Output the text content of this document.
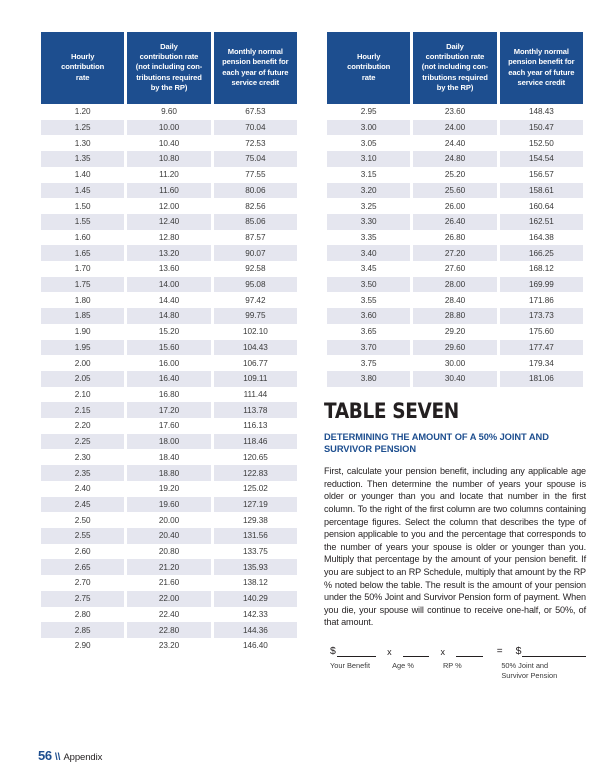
Hourly
contribution
rate	Daily
contribution rate
(not including con-
tributions required
by the RP)	Monthly normal
pension benefit for
each year of future
service credit
1.20	9.60	67.53
1.25	10.00	70.04
1.30	10.40	72.53
1.35	10.80	75.04
1.40	11.20	77.55
1.45	11.60	80.06
1.50	12.00	82.56
1.55	12.40	85.06
1.60	12.80	87.57
1.65	13.20	90.07
1.70	13.60	92.58
1.75	14.00	95.08
1.80	14.40	97.42
1.85	14.80	99.75
1.90	15.20	102.10
1.95	15.60	104.43
2.00	16.00	106.77
2.05	16.40	109.11
2.10	16.80	111.44
2.15	17.20	113.78
2.20	17.60	116.13
2.25	18.00	118.46
2.30	18.40	120.65
2.35	18.80	122.83
2.40	19.20	125.02
2.45	19.60	127.19
2.50	20.00	129.38
2.55	20.40	131.56
2.60	20.80	133.75
2.65	21.20	135.93
2.70	21.60	138.12
2.75	22.00	140.29
2.80	22.40	142.33
2.85	22.80	144.36
2.90	23.20	146.40
Hourly
contribution
rate	Daily
contribution rate
(not including con-
tributions required
by the RP)	Monthly normal
pension benefit for
each year of future
service credit
2.95	23.60	148.43
3.00	24.00	150.47
3.05	24.40	152.50
3.10	24.80	154.54
3.15	25.20	156.57
3.20	25.60	158.61
3.25	26.00	160.64
3.30	26.40	162.51
3.35	26.80	164.38
3.40	27.20	166.25
3.45	27.60	168.12
3.50	28.00	169.99
3.55	28.40	171.86
3.60	28.80	173.73
3.65	29.20	175.60
3.70	29.60	177.47
3.75	30.00	179.34
3.80	30.40	181.06
TABLE SEVEN
DETERMINING THE AMOUNT OF A 50% JOINT AND SURVIVOR PENSION
First, calculate your pension benefit, including any applicable age reduction. Then determine the number of years your spouse is older or younger than you and locate that number in the first column. To the right of the first column are two columns containing percentage figures. Select the column that describes the type of pension applicable to you and the percentage that corresponds to the number of years your spouse is older or younger than you. Multiply that percentage by the amount of your pension benefit. If you are subject to an RP Schedule, multiply that amount by the RP % noted below the table. The result is the amount of your pension under the 50% Joint and Survivor Pension form of payment. When you die, your spouse will continue to receive one-half, or 50%, of that amount.
$	x	x	=	$
Your Benefit	Age %	RP %	50% Joint and
Survivor Pension
56 \\ Appendix
